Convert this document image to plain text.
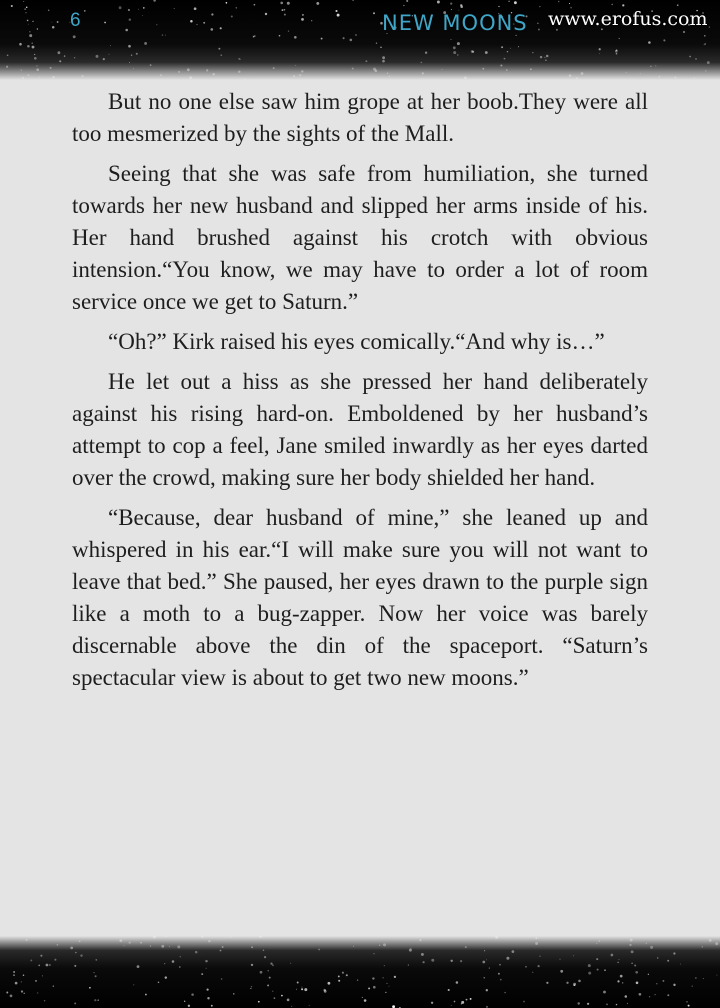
6	NEW MOONS www.erofus.com

But no one else saw him grope at her boob.They were all too mesmerized by the sights of the Mall.

Seeing that she was safe from humiliation, she turned towards her new husband and slipped her arms inside of his. Her hand brushed against his crotch with obvious intension.“You know, we may have to order a lot of room service once we get to Saturn.”

“Oh?” Kirk raised his eyes comically.“And why is…”

He let out a hiss as she pressed her hand deliberately against his rising hard-on. Emboldened by her husband’s attempt to cop a feel, Jane smiled inwardly as her eyes darted over the crowd, making sure her body shielded her hand.

“Because, dear husband of mine,” she leaned up and whispered in his ear.“I will make sure you will not want to leave that bed.” She paused, her eyes drawn to the purple sign like a moth to a bug-zapper. Now her voice was barely discernable above the din of the spaceport. “Saturn’s spectacular view is about to get two new moons.”
